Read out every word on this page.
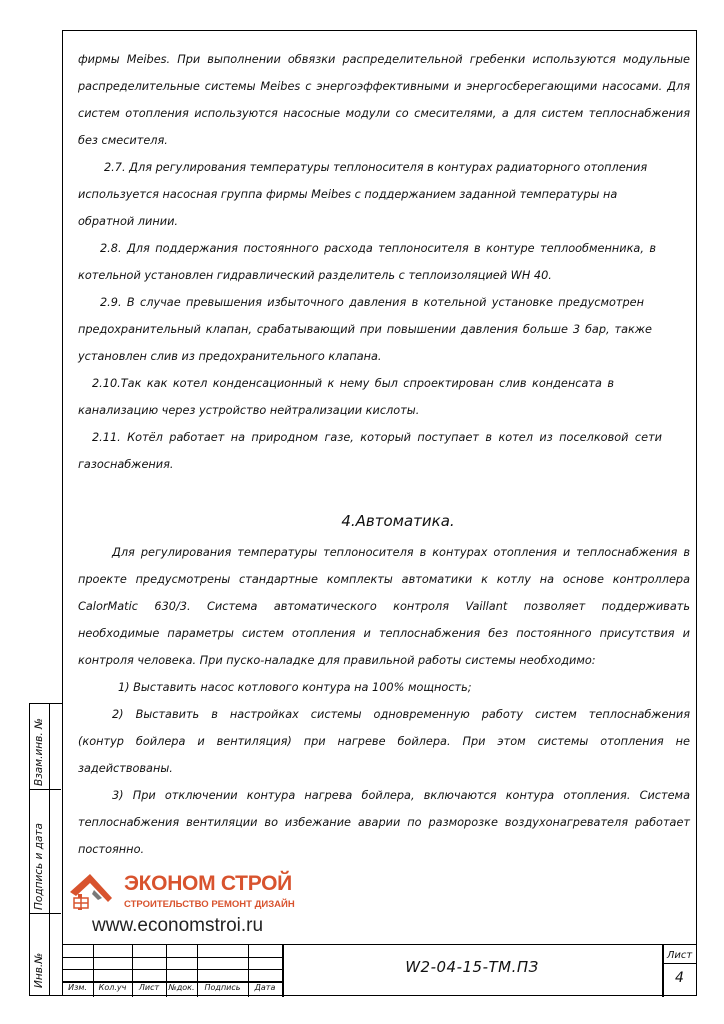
фирмы Meibes. При выполнении обвязки распределительной гребенки используются модульные
распределительные системы Meibes с энергоэффективными и энергосберегающими насосами. Для
систем отопления используются насосные модули со смесителями, а для систем теплоснабжения
без смесителя.
2.7. Для регулирования температуры теплоносителя в контурах радиаторного отопления
используется насосная группа фирмы Meibes с поддержанием заданной температуры на
обратной линии.
2.8. Для поддержания постоянного расхода теплоносителя в контуре теплообменника, в
котельной установлен гидравлический разделитель с теплоизоляцией WH 40.
2.9. В случае превышения избыточного давления в котельной установке предусмотрен
предохранительный клапан, срабатывающий при повышении давления больше 3 бар, также
установлен слив из предохранительного клапана.
2.10.Так как котел конденсационный к нему был спроектирован слив конденсата в
канализацию через устройство нейтрализации кислоты.
2.11. Котёл работает на природном газе, который поступает в котел из поселковой сети
газоснабжения.
4.Автоматика.
Для регулирования температуры теплоносителя в контурах отопления и теплоснабжения в
проекте предусмотрены стандартные комплекты автоматики к котлу на основе контроллера
CalorMatic 630/3. Система автоматического контроля Vaillant позволяет поддерживать
необходимые параметры систем отопления и теплоснабжения без постоянного присутствия и
контроля человека. При пуско-наладке для правильной работы системы необходимо:
1) Выставить насос котлового контура на 100% мощность;
2) Выставить в настройках системы одновременную работу систем теплоснабжения
(контур бойлера и вентиляция) при нагреве бойлера. При этом системы отопления не
задействованы.
3) При отключении контура нагрева бойлера, включаются контура отопления. Система
теплоснабжения вентиляции во избежание аварии по разморозке воздухонагревателя работает
постоянно.
Взам.инв. №
Подпись и дата
Инв.№
ЭКОНОМ СТРОЙ
СТРОИТЕЛЬСТВО РЕМОНТ ДИЗАЙН
www.economstroi.ru
Изм.	Кол.уч	Лист	№док.	Подпись	Дата
W2-04-15-ТМ.ПЗ
Лист
4
